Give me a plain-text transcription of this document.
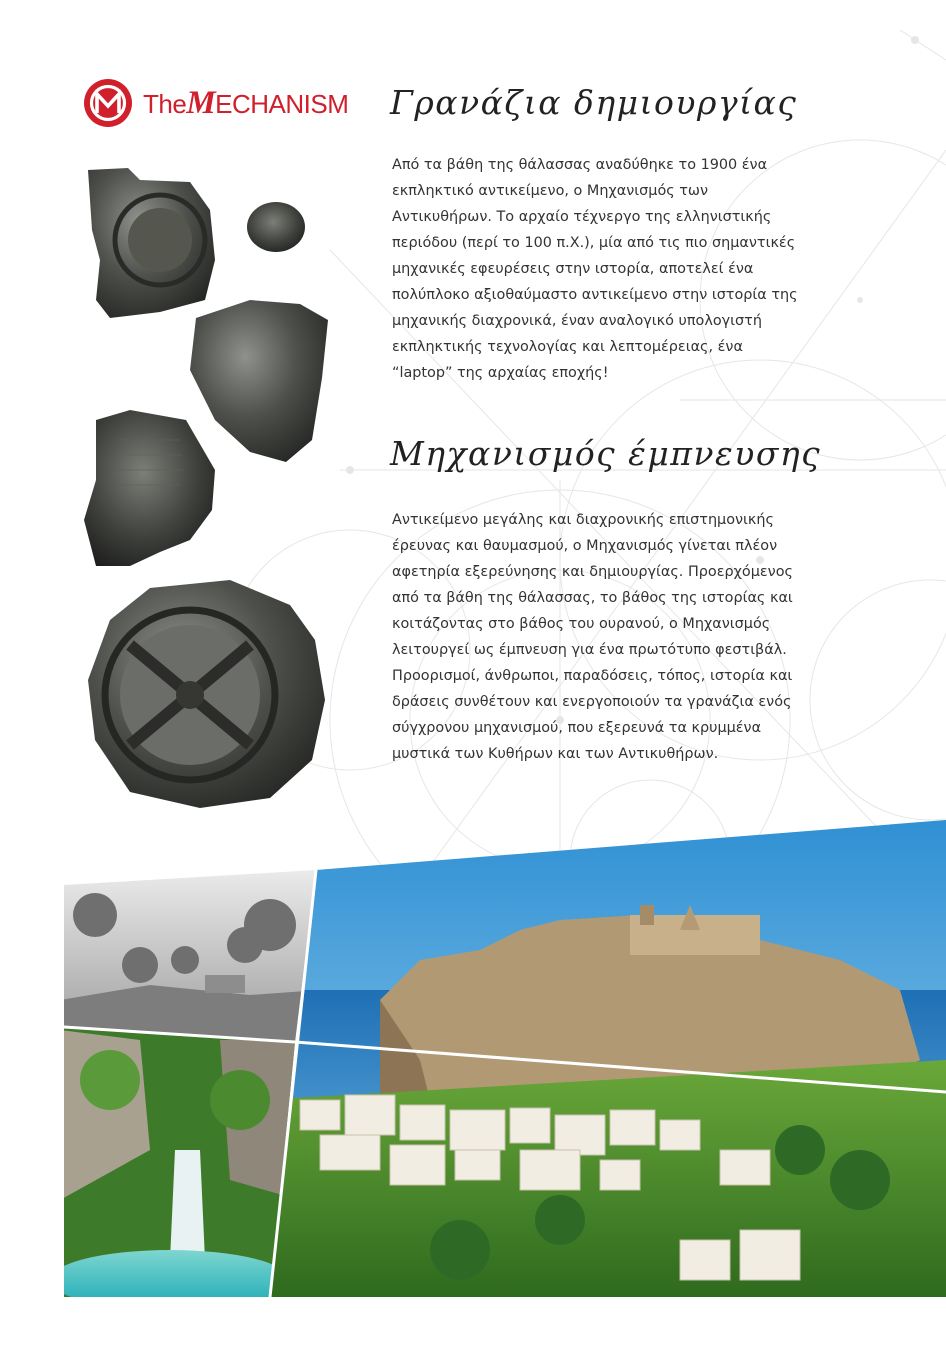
TheMECHANISM Γρανάζια δημιουργίας
Μηχανισμός έμπνευσης

Από τα βάθη της θάλασσας αναδύθηκε το 1900 ένα
εκπληκτικό αντικείμενο, ο Μηχανισμός των
Αντικυθήρων. Το αρχαίο τέχνεργο της ελληνιστικής
περιόδου (περί το 100 π.Χ.), μία από τις πιο σημαντικές
μηχανικές εφευρέσεις στην ιστορία, αποτελεί ένα
πολύπλοκο αξιοθαύμαστο αντικείμενο στην ιστορία της
μηχανικής διαχρονικά, έναν αναλογικό υπολογιστή
εκπληκτικής τεχνολογίας και λεπτομέρειας, ένα
“laptop” της αρχαίας εποχής!

Αντικείμενο μεγάλης και διαχρονικής επιστημονικής
έρευνας και θαυμασμού, ο Μηχανισμός γίνεται πλέον
αφετηρία εξερεύνησης και δημιουργίας. Προερχόμενος
από τα βάθη της θάλασσας, το βάθος της ιστορίας και
κοιτάζοντας στο βάθος του ουρανού, ο Μηχανισμός
λειτουργεί ως έμπνευση για ένα πρωτότυπο φεστιβάλ.
Προορισμοί, άνθρωποι, παραδόσεις, τόπος, ιστορία και
δράσεις συνθέτουν και ενεργοποιούν τα γρανάζια ενός
σύγχρονου μηχανισμού, που εξερευνά τα κρυμμένα
μυστικά των Κυθήρων και των Αντικυθήρων.
